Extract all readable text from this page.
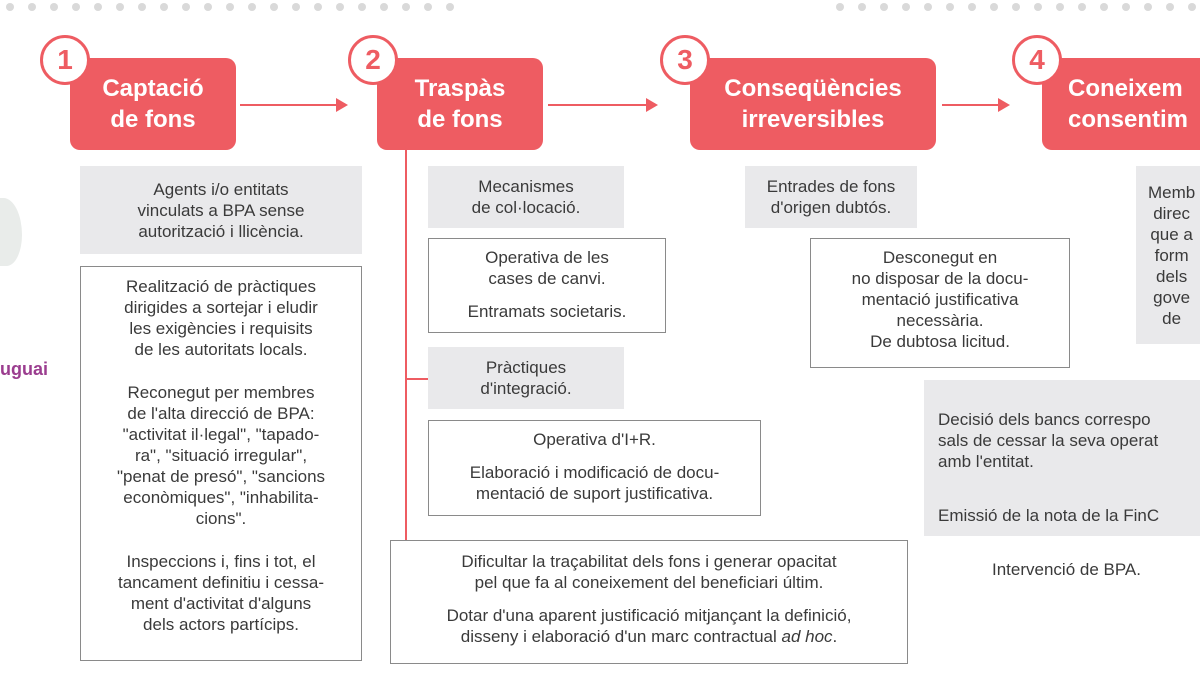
uguai
Captació
de fons
1
Traspàs
de fons
2
Conseqüències
irreversibles
3
Coneixem
consentim
4
Agents i/o entitats
vinculats a BPA sense
autorització i llicència.

Realització de pràctiques
dirigides a sortejar i eludir
les exigències i requisits
de les autoritats locals.

Reconegut per membres
de l'alta direcció de BPA:
"activitat il·legal", "tapado-
ra", "situació irregular",
"penat de presó", "sancions
econòmiques", "inhabilita-
cions".

Inspeccions i, fins i tot, el
tancament definitiu i cessa-
ment d'activitat d'alguns
dels actors partícips.

Mecanismes
de col·locació.

Operativa de les
cases de canvi.

Entramats societaris.

Pràctiques
d'integració.

Operativa d'I+R.

Elaboració i modificació de docu-
mentació de suport justificativa.

Dificultar la traçabilitat dels fons i generar opacitat
pel que fa al coneixement del beneficiari últim.

Dotar d'una aparent justificació mitjançant la definició,
disseny i elaboració d'un marc contractual ad hoc.

Entrades de fons
d'origen dubtós.

Desconegut en
no disposar de la docu-
mentació justificativa
necessària.
De dubtosa licitud.

Memb
direc
que a
form
dels
gove
de

Decisió dels bancs correspo
sals de cessar la seva operat
amb l'entitat.

Emissió de la nota de la FinC

Intervenció de BPA.
